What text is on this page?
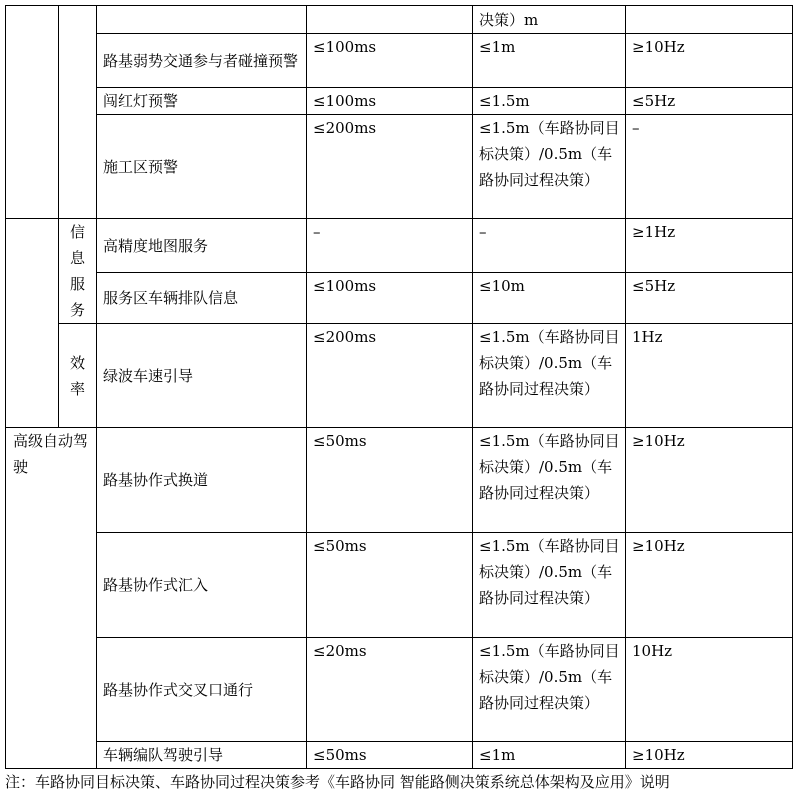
				决策）m	
		路基弱势交通参与者碰撞预警	≤100ms	≤1m	≥10Hz
		闯红灯预警	≤100ms	≤1.5m	≤5Hz
		施工区预警	≤200ms	≤1.5m（车路协同目标决策）/0.5m（车路协同过程决策）	–
	信息服务	高精度地图服务	–	–	≥1Hz
		服务区车辆排队信息	≤100ms	≤10m	≤5Hz
	效率	绿波车速引导	≤200ms	≤1.5m（车路协同目标决策）/0.5m（车路协同过程决策）	1Hz
高级自动驾驶		路基协作式换道	≤50ms	≤1.5m（车路协同目标决策）/0.5m（车路协同过程决策）	≥10Hz
		路基协作式汇入	≤50ms	≤1.5m（车路协同目标决策）/0.5m（车路协同过程决策）	≥10Hz
		路基协作式交叉口通行	≤20ms	≤1.5m（车路协同目标决策）/0.5m（车路协同过程决策）	10Hz
		车辆编队驾驶引导	≤50ms	≤1m	≥10Hz
注：车路协同目标决策、车路协同过程决策参考《车路协同 智能路侧决策系统总体架构及应用》说明
